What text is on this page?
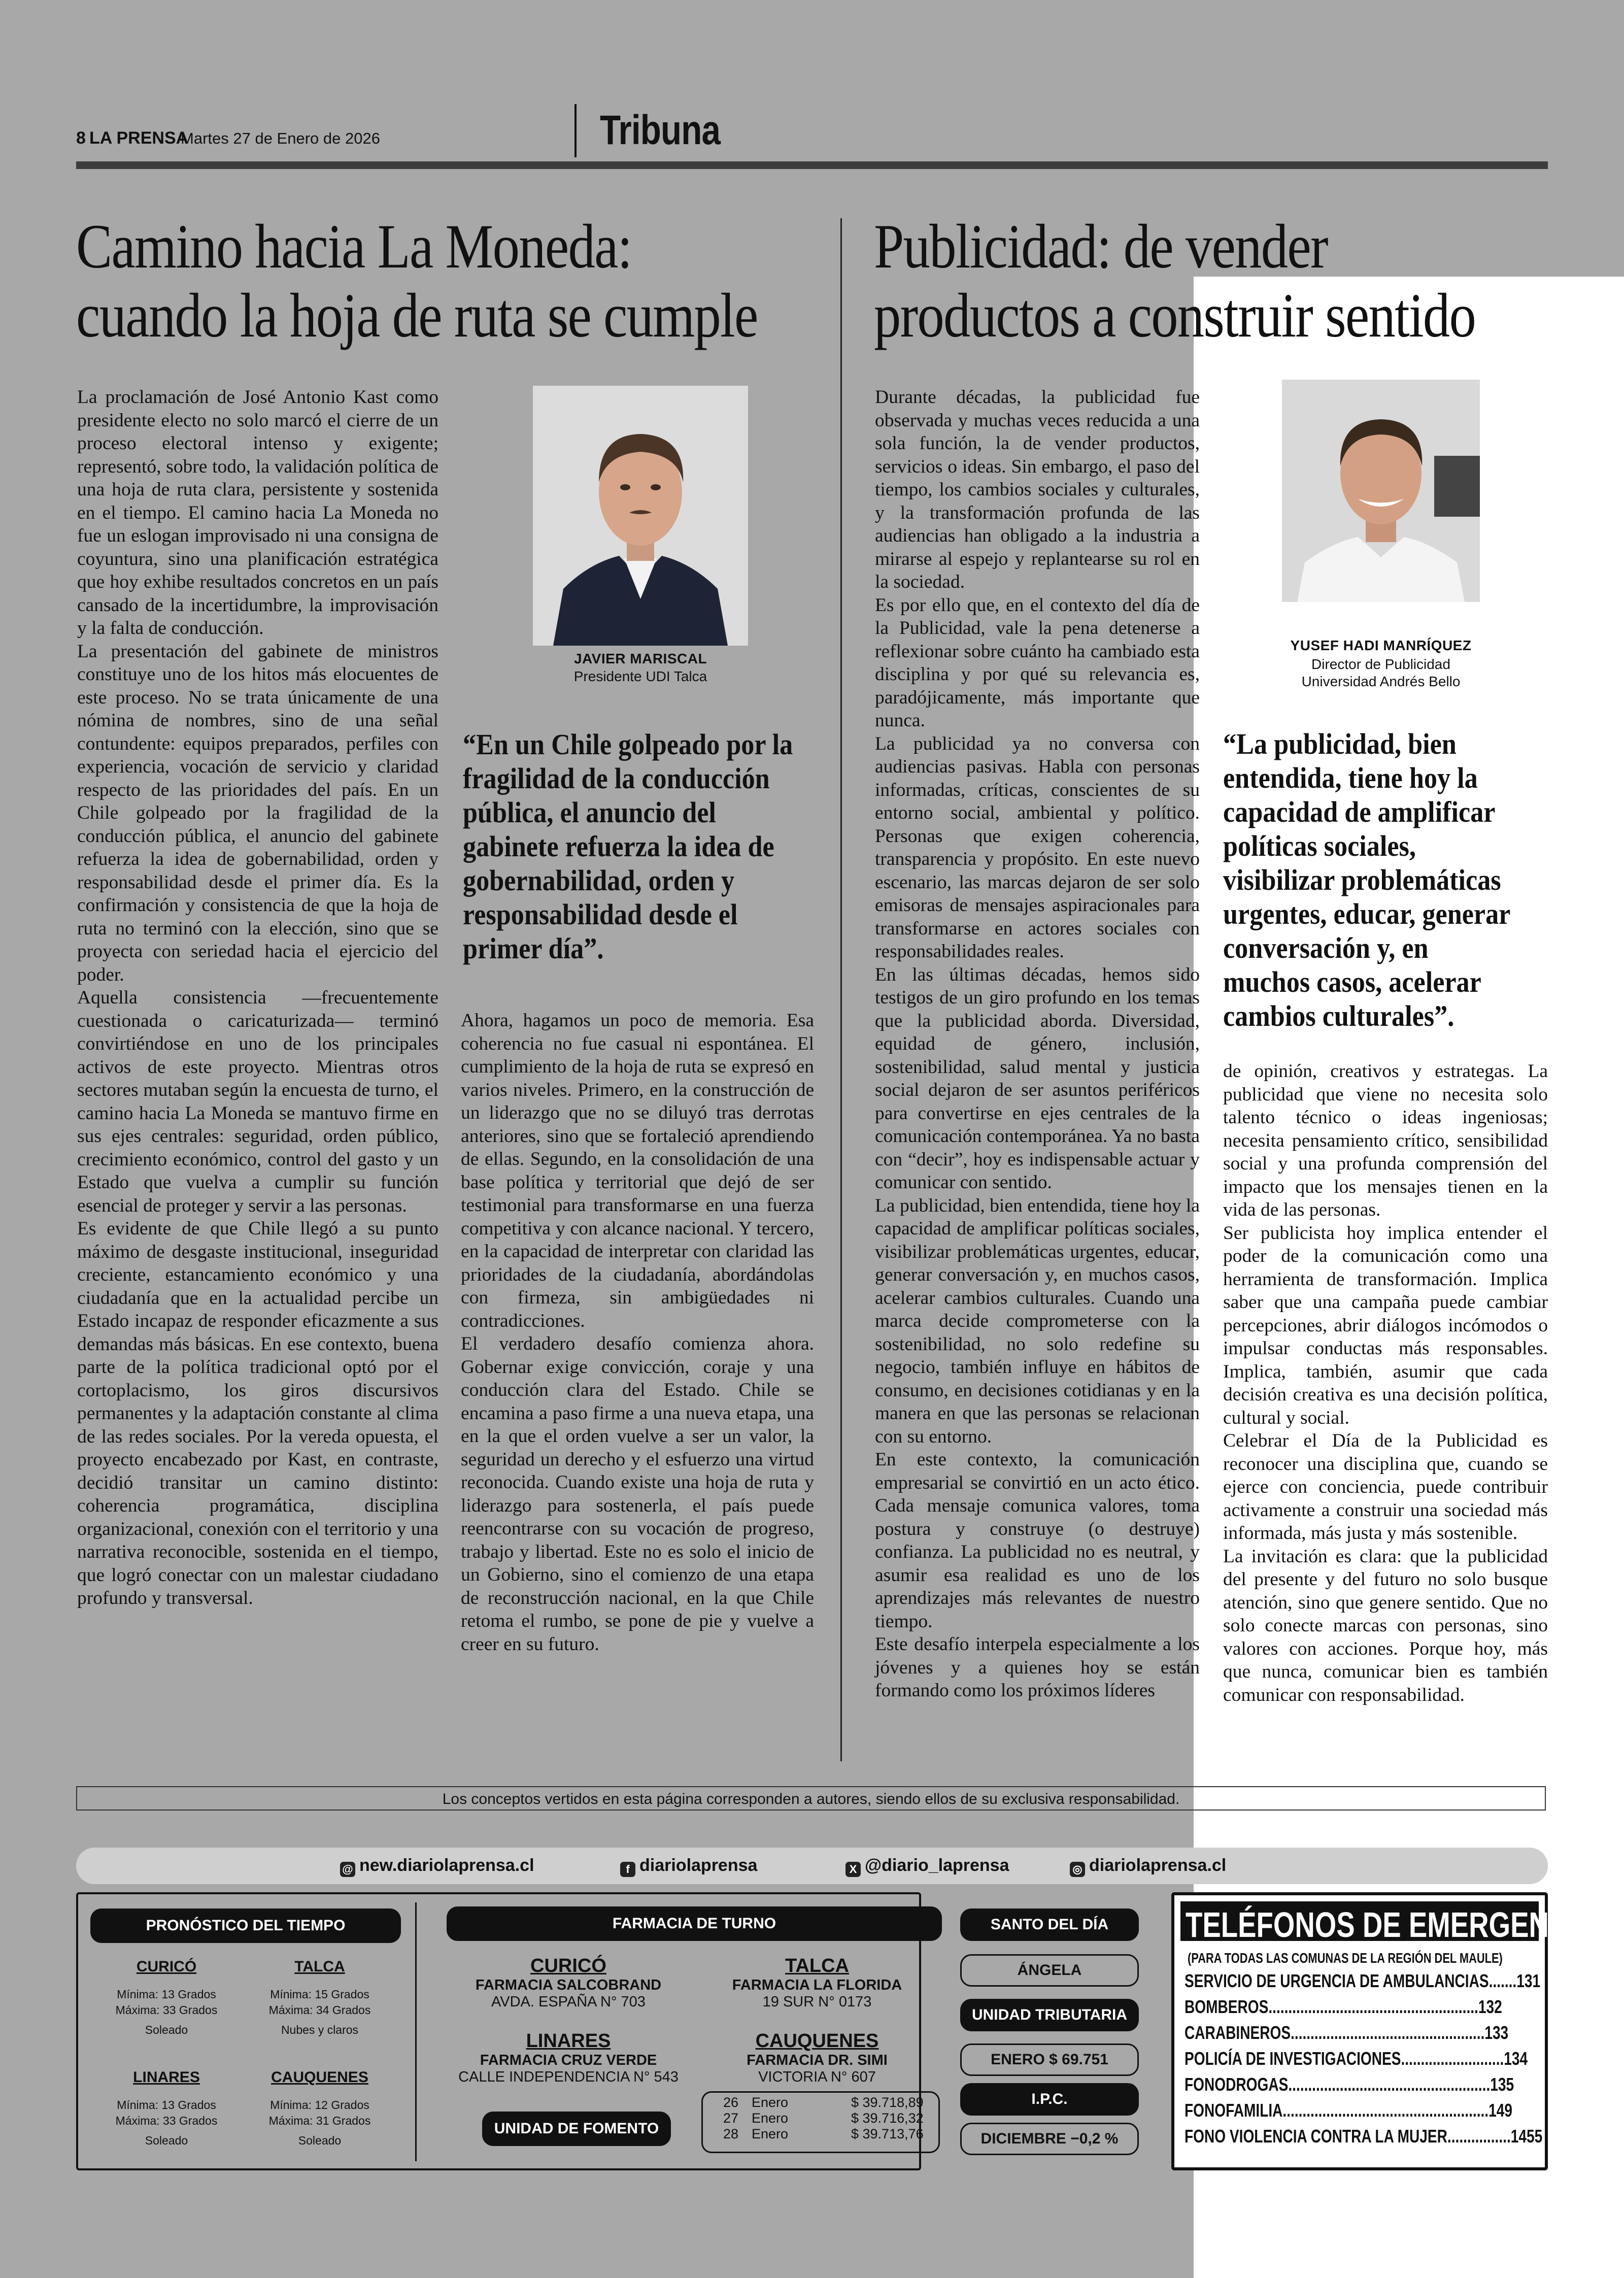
8 LA PRENSA
Martes 27 de Enero de 2026	Tribuna
Camino hacia La Moneda:
cuando la hoja de ruta se cumple

La proclamación de José Antonio Kast como presidente electo no solo marcó el cierre de un proceso electoral intenso y exigente; representó, sobre todo, la validación política de una hoja de ruta clara, persistente y sostenida en el tiempo. El camino hacia La Moneda no fue un eslogan improvisado ni una consigna de coyuntura, sino una planificación estratégica que hoy exhibe resultados concretos en un país cansado de la incertidumbre, la improvisación y la falta de conducción.

La presentación del gabinete de ministros constituye uno de los hitos más elocuentes de este proceso. No se trata únicamente de una nómina de nombres, sino de una señal contundente: equipos preparados, perfiles con experiencia, vocación de servicio y claridad respecto de las prioridades del país. En un Chile golpeado por la fragilidad de la conducción pública, el anuncio del gabinete refuerza la idea de gobernabilidad, orden y responsabilidad desde el primer día. Es la confirmación y consistencia de que la hoja de ruta no terminó con la elección, sino que se proyecta con seriedad hacia el ejercicio del poder.

Aquella consistencia —frecuentemente cuestionada o caricaturizada— terminó convirtiéndose en uno de los principales activos de este proyecto. Mientras otros sectores mutaban según la encuesta de turno, el camino hacia La Moneda se mantuvo firme en sus ejes centrales: seguridad, orden público, crecimiento económico, control del gasto y un Estado que vuelva a cumplir su función esencial de proteger y servir a las personas.

Es evidente de que Chile llegó a su punto máximo de desgaste institucional, inseguridad creciente, estancamiento económico y una ciudadanía que en la actualidad percibe un Estado incapaz de responder eficazmente a sus demandas más básicas. En ese contexto, buena parte de la política tradicional optó por el cortoplacismo, los giros discursivos permanentes y la adaptación constante al clima de las redes sociales. Por la vereda opuesta, el proyecto encabezado por Kast, en contraste, decidió transitar un camino distinto: coherencia programática, disciplina organizacional, conexión con el territorio y una narrativa reconocible, sostenida en el tiempo, que logró conectar con un malestar ciudadano profundo y transversal.

JAVIER MARISCAL
Presidente UDI Talca
“En un Chile golpeado por la fragilidad de la conducción pública, el anuncio del gabinete refuerza la idea de gobernabilidad, orden y responsabilidad desde el primer día”.

Ahora, hagamos un poco de memoria. Esa coherencia no fue casual ni espontánea. El cumplimiento de la hoja de ruta se expresó en varios niveles. Primero, en la construcción de un liderazgo que no se diluyó tras derrotas anteriores, sino que se fortaleció aprendiendo de ellas. Segundo, en la consolidación de una base política y territorial que dejó de ser testimonial para transformarse en una fuerza competitiva y con alcance nacional. Y tercero, en la capacidad de interpretar con claridad las prioridades de la ciudadanía, abordándolas con firmeza, sin ambigüedades ni contradicciones.

El verdadero desafío comienza ahora. Gobernar exige convicción, coraje y una conducción clara del Estado. Chile se encamina a paso firme a una nueva etapa, una en la que el orden vuelve a ser un valor, la seguridad un derecho y el esfuerzo una virtud reconocida. Cuando existe una hoja de ruta y liderazgo para sostenerla, el país puede reencontrarse con su vocación de progreso, trabajo y libertad. Este no es solo el inicio de un Gobierno, sino el comienzo de una etapa de reconstrucción nacional, en la que Chile retoma el rumbo, se pone de pie y vuelve a creer en su futuro.

Publicidad: de vender
productos a construir sentido

Durante décadas, la publicidad fue observada y muchas veces reducida a una sola función, la de vender productos, servicios o ideas. Sin embargo, el paso del tiempo, los cambios sociales y culturales, y la transformación profunda de las audiencias han obligado a la industria a mirarse al espejo y replantearse su rol en la sociedad.

Es por ello que, en el contexto del día de la Publicidad, vale la pena detenerse a reflexionar sobre cuánto ha cambiado esta disciplina y por qué su relevancia es, paradójicamente, más importante que nunca.

La publicidad ya no conversa con audiencias pasivas. Habla con personas informadas, críticas, conscientes de su entorno social, ambiental y político. Personas que exigen coherencia, transparencia y propósito. En este nuevo escenario, las marcas dejaron de ser solo emisoras de mensajes aspiracionales para transformarse en actores sociales con responsabilidades reales.

En las últimas décadas, hemos sido testigos de un giro profundo en los temas que la publicidad aborda. Diversidad, equidad de género, inclusión, sostenibilidad, salud mental y justicia social dejaron de ser asuntos periféricos para convertirse en ejes centrales de la comunicación contemporánea. Ya no basta con “decir”, hoy es indispensable actuar y comunicar con sentido.

La publicidad, bien entendida, tiene hoy la capacidad de amplificar políticas sociales, visibilizar problemáticas urgentes, educar, generar conversación y, en muchos casos, acelerar cambios culturales. Cuando una marca decide comprometerse con la sostenibilidad, no solo redefine su negocio, también influye en hábitos de consumo, en decisiones cotidianas y en la manera en que las personas se relacionan con su entorno.

En este contexto, la comunicación empresarial se convirtió en un acto ético. Cada mensaje comunica valores, toma postura y construye (o destruye) confianza. La publicidad no es neutral, y asumir esa realidad es uno de los aprendizajes más relevantes de nuestro tiempo.

Este desafío interpela especialmente a los jóvenes y a quienes hoy se están formando como los próximos líderes

YUSEF HADI MANRÍQUEZ
Director de Publicidad
Universidad Andrés Bello
“La publicidad, bien entendida, tiene hoy la capacidad de amplificar políticas sociales, visibilizar problemáticas urgentes, educar, generar conversación y, en muchos casos, acelerar cambios culturales”.

de opinión, creativos y estrategas. La publicidad que viene no necesita solo talento técnico o ideas ingeniosas; necesita pensamiento crítico, sensibilidad social y una profunda comprensión del impacto que los mensajes tienen en la vida de las personas.

Ser publicista hoy implica entender el poder de la comunicación como una herramienta de transformación. Implica saber que una campaña puede cambiar percepciones, abrir diálogos incómodos o impulsar conductas más responsables. Implica, también, asumir que cada decisión creativa es una decisión política, cultural y social.

Celebrar el Día de la Publicidad es reconocer una disciplina que, cuando se ejerce con conciencia, puede contribuir activamente a construir una sociedad más informada, más justa y más sostenible.

La invitación es clara: que la publicidad del presente y del futuro no solo busque atención, sino que genere sentido. Que no solo conecte marcas con personas, sino valores con acciones. Porque hoy, más que nunca, comunicar bien es también comunicar con responsabilidad.

Los conceptos vertidos en esta página corresponden a autores, siendo ellos de su exclusiva responsabilidad.
@ new.diariolaprensa.cl	f diariolaprensa	X @diario_laprensa	◎ diariolaprensa.cl
PRONÓSTICO DEL TIEMPO
CURICÓ
Mínima: 13 Grados
Máxima: 33 Grados
Soleado
TALCA
Mínima: 15 Grados
Máxima: 34 Grados
Nubes y claros
LINARES
Mínima: 13 Grados
Máxima: 33 Grados
Soleado
CAUQUENES
Mínima: 12 Grados
Máxima: 31 Grados
Soleado
FARMACIA DE TURNO
CURICÓ
FARMACIA SALCOBRAND
AVDA. ESPAÑA N° 703
TALCA
FARMACIA LA FLORIDA
19 SUR N° 0173
LINARES
FARMACIA CRUZ VERDE
CALLE INDEPENDENCIA N° 543
CAUQUENES
FARMACIA DR. SIMI
VICTORIA N° 607
UNIDAD DE FOMENTO
26 Enero	$ 39.718,89
27 Enero	$ 39.716,32
28 Enero	$ 39.713,76
SANTO DEL DÍA
ÁNGELA
UNIDAD TRIBUTARIA
ENERO $ 69.751
I.P.C.
DICIEMBRE −0,2 %
TELÉFONOS DE EMERGENCIA
(PARA TODAS LAS COMUNAS DE LA REGIÓN DEL MAULE)
SERVICIO DE URGENCIA DE AMBULANCIAS.......131
BOMBEROS.....................................................132
CARABINEROS.................................................133
POLICÍA DE INVESTIGACIONES..........................134
FONODROGAS...................................................135
FONOFAMILIA....................................................149
FONO VIOLENCIA CONTRA LA MUJER................1455
